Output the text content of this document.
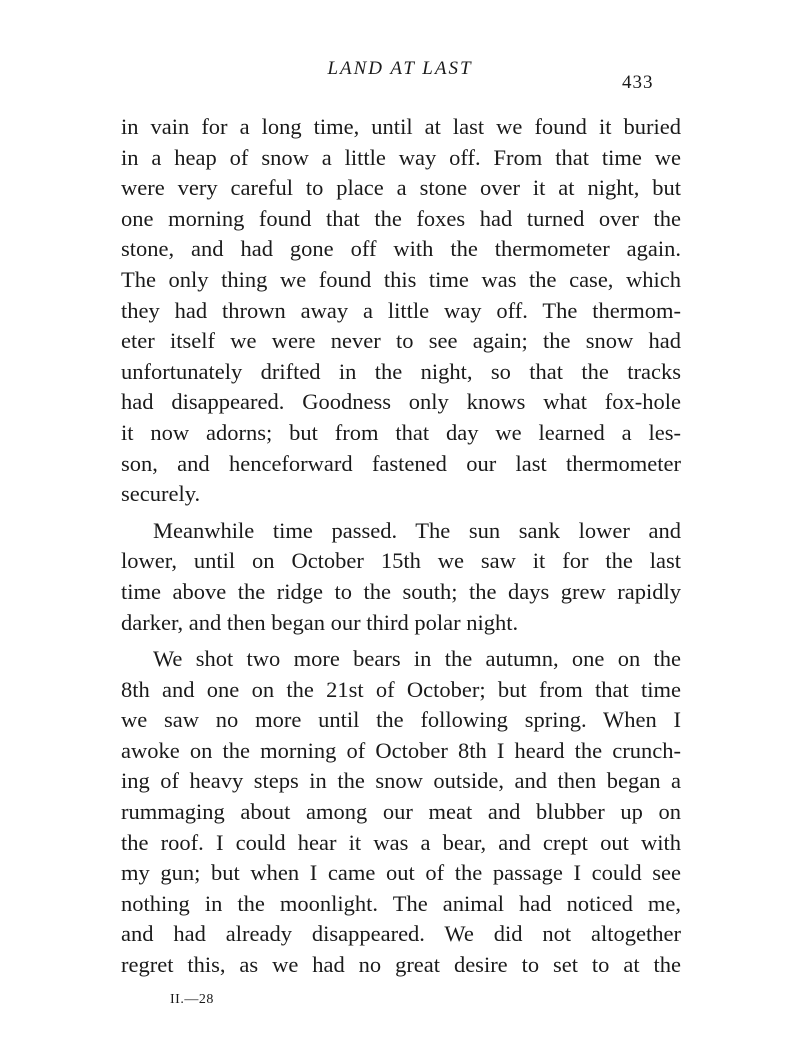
LAND AT LAST
433
in vain for a long time, until at last we found it buried
in a heap of snow a little way off. From that time we
were very careful to place a stone over it at night, but
one morning found that the foxes had turned over the
stone, and had gone off with the thermometer again.
The only thing we found this time was the case, which
they had thrown away a little way off. The thermom-
eter itself we were never to see again; the snow had
unfortunately drifted in the night, so that the tracks
had disappeared. Goodness only knows what fox-hole
it now adorns; but from that day we learned a les-
son, and henceforward fastened our last thermometer
securely.
Meanwhile time passed. The sun sank lower and
lower, until on October 15th we saw it for the last
time above the ridge to the south; the days grew rapidly
darker, and then began our third polar night.
We shot two more bears in the autumn, one on the
8th and one on the 21st of October; but from that time
we saw no more until the following spring. When I
awoke on the morning of October 8th I heard the crunch-
ing of heavy steps in the snow outside, and then began a
rummaging about among our meat and blubber up on
the roof. I could hear it was a bear, and crept out with
my gun; but when I came out of the passage I could see
nothing in the moonlight. The animal had noticed me,
and had already disappeared. We did not altogether
regret this, as we had no great desire to set to at the
II.—28
